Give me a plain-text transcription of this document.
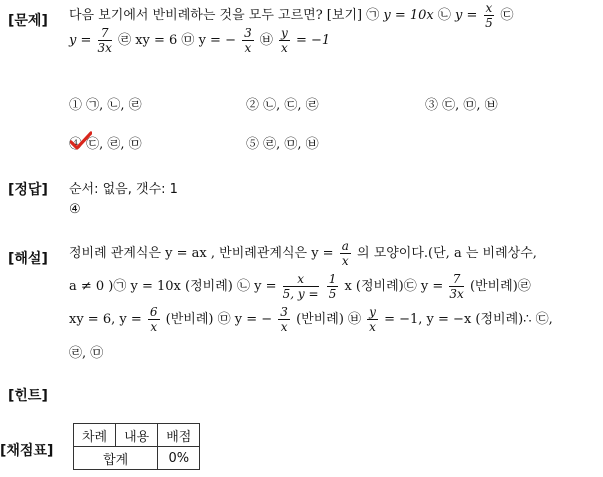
[문제]
[정답]
[해설]
[힌트]
[채점표]
다음 보기에서 반비례하는 것을 모두 고르면? [보기] ㉠ y = 10x ㉡ $y = \frac{x}{5}$ ㉢
$y = \frac{7}{3x}$ ㉣ xy = 6 ㉤ y = − $\frac{3}{x}$ ㉥ $\frac{y}{x} = -1$
① ㉠, ㉡, ㉣	② ㉡, ㉢, ㉣	③ ㉢, ㉤, ㉥
④ ㉢, ㉣, ㉤	⑤ ㉣, ㉤, ㉥
순서: 없음, 갯수: 1
④
정비례 관계식은 y = ax , 반비례관계식은 $y = \frac{a}{x}$ 의 모양이다.(단, a 는 비례상수,
a ≠ 0 )㉠ y = 10x (정비례) ㉡ $y = \frac{x}{5, y =}$
$\frac{1}{5}$ x (정비례)㉢ $y = \frac{7}{3x}$ (반비례)㉣
xy = 6, $y = \frac{6}{x}$ (반비례) ㉤ y = − $\frac{3}{x}$ (반비례) ㉥ $\frac{y}{x} = -1$, y = −x (정비례)∴ ㉢,
㉣, ㉤
차례	내용	배점
합계		0%
